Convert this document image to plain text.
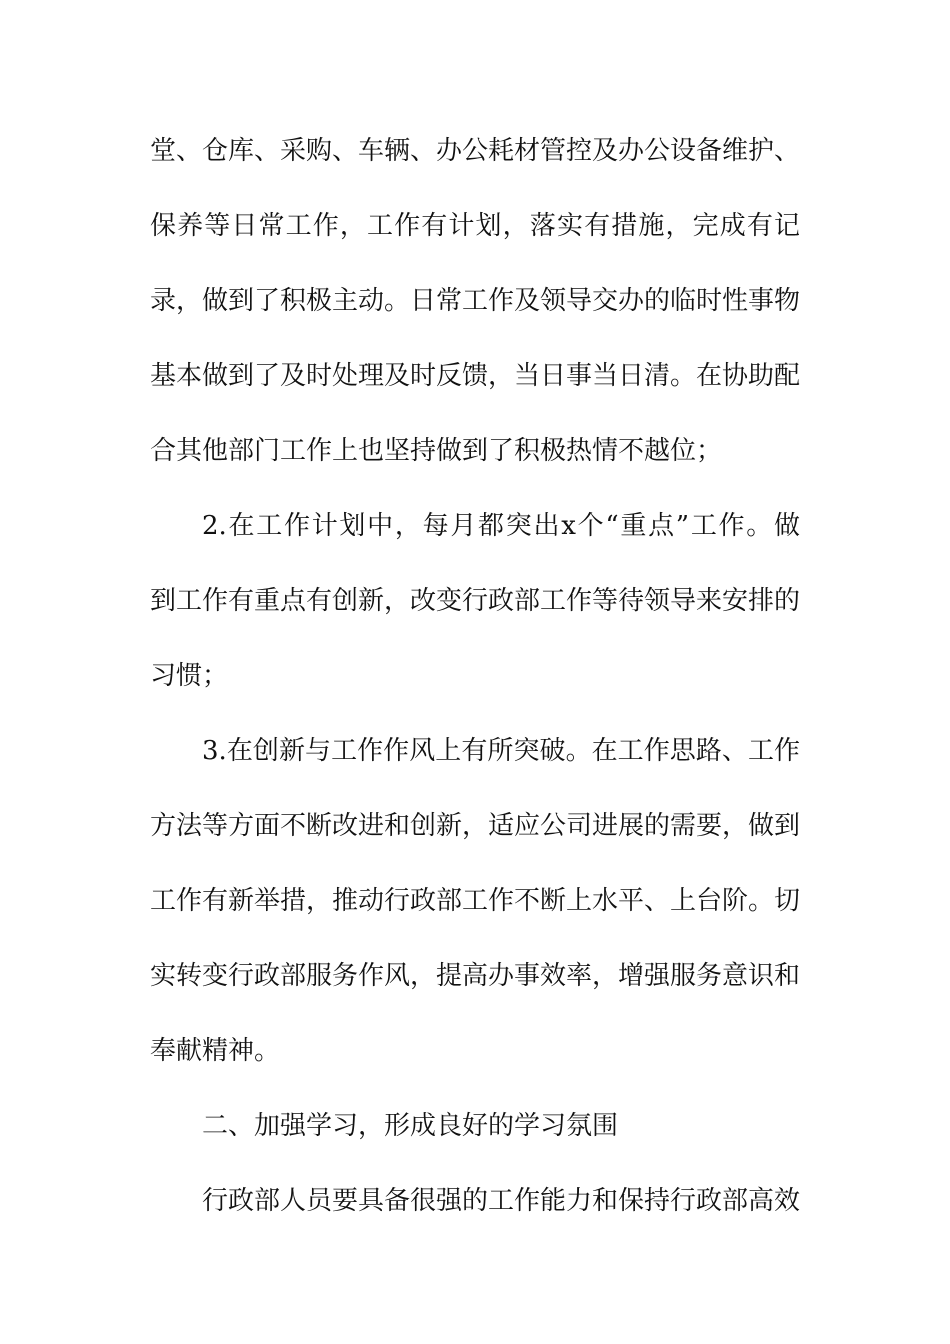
堂、仓库、采购、车辆、办公耗材管控及办公设备维护、
保养等日常工作，工作有计划，落实有措施，完成有记
录，做到了积极主动。日常工作及领导交办的临时性事物
基本做到了及时处理及时反馈，当日事当日清。在协助配
合其他部门工作上也坚持做到了积极热情不越位；
2.在工作计划中，每月都突出x个“重点”工作。做
到工作有重点有创新，改变行政部工作等待领导来安排的
习惯；
3.在创新与工作作风上有所突破。在工作思路、工作
方法等方面不断改进和创新，适应公司进展的需要，做到
工作有新举措，推动行政部工作不断上水平、上台阶。切
实转变行政部服务作风，提高办事效率，增强服务意识和
奉献精神。
二、加强学习，形成良好的学习氛围
行政部人员要具备很强的工作能力和保持行政部高效
